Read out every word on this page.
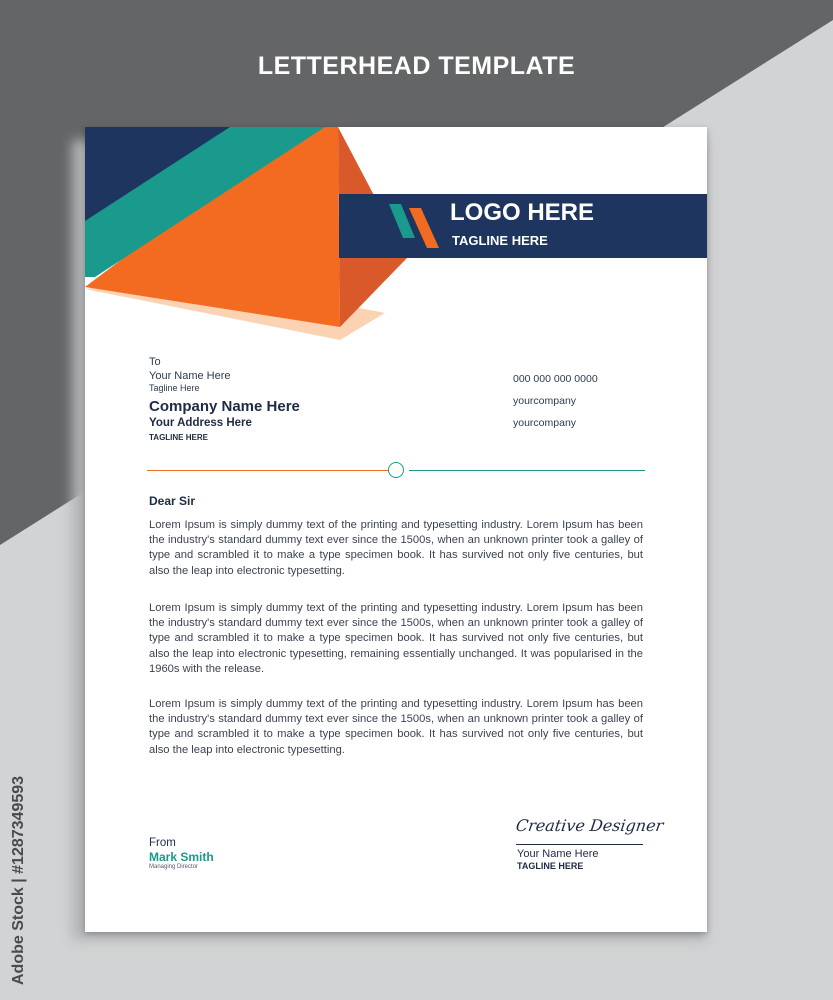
LETTERHEAD TEMPLATE
LOGO HERE
TAGLINE HERE
To
Your Name Here
Tagline Here
Company Name Here
Your Address Here
TAGLINE HERE
000 000 000 0000
yourcompany
yourcompany
Dear Sir

Lorem Ipsum is simply dummy text of the printing and typesetting industry. Lorem Ipsum has been the industry's standard dummy text ever since the 1500s, when an unknown printer took a galley of type and scrambled it to make a type specimen book. It has survived not only five centuries, but also the leap into electronic typesetting.

Lorem Ipsum is simply dummy text of the printing and typesetting industry. Lorem Ipsum has been the industry's standard dummy text ever since the 1500s, when an unknown printer took a galley of type and scrambled it to make a type specimen book. It has survived not only five centuries, but also the leap into electronic typesetting, remaining essentially unchanged. It was popularised in the 1960s with the release.

Lorem Ipsum is simply dummy text of the printing and typesetting industry. Lorem Ipsum has been the industry's standard dummy text ever since the 1500s, when an unknown printer took a galley of type and scrambled it to make a type specimen book. It has survived not only five centuries, but also the leap into electronic typesetting.

From
Mark Smith
Managing Director
Creative Designer
Your Name Here
TAGLINE HERE
Adobe Stock | #1287349593
